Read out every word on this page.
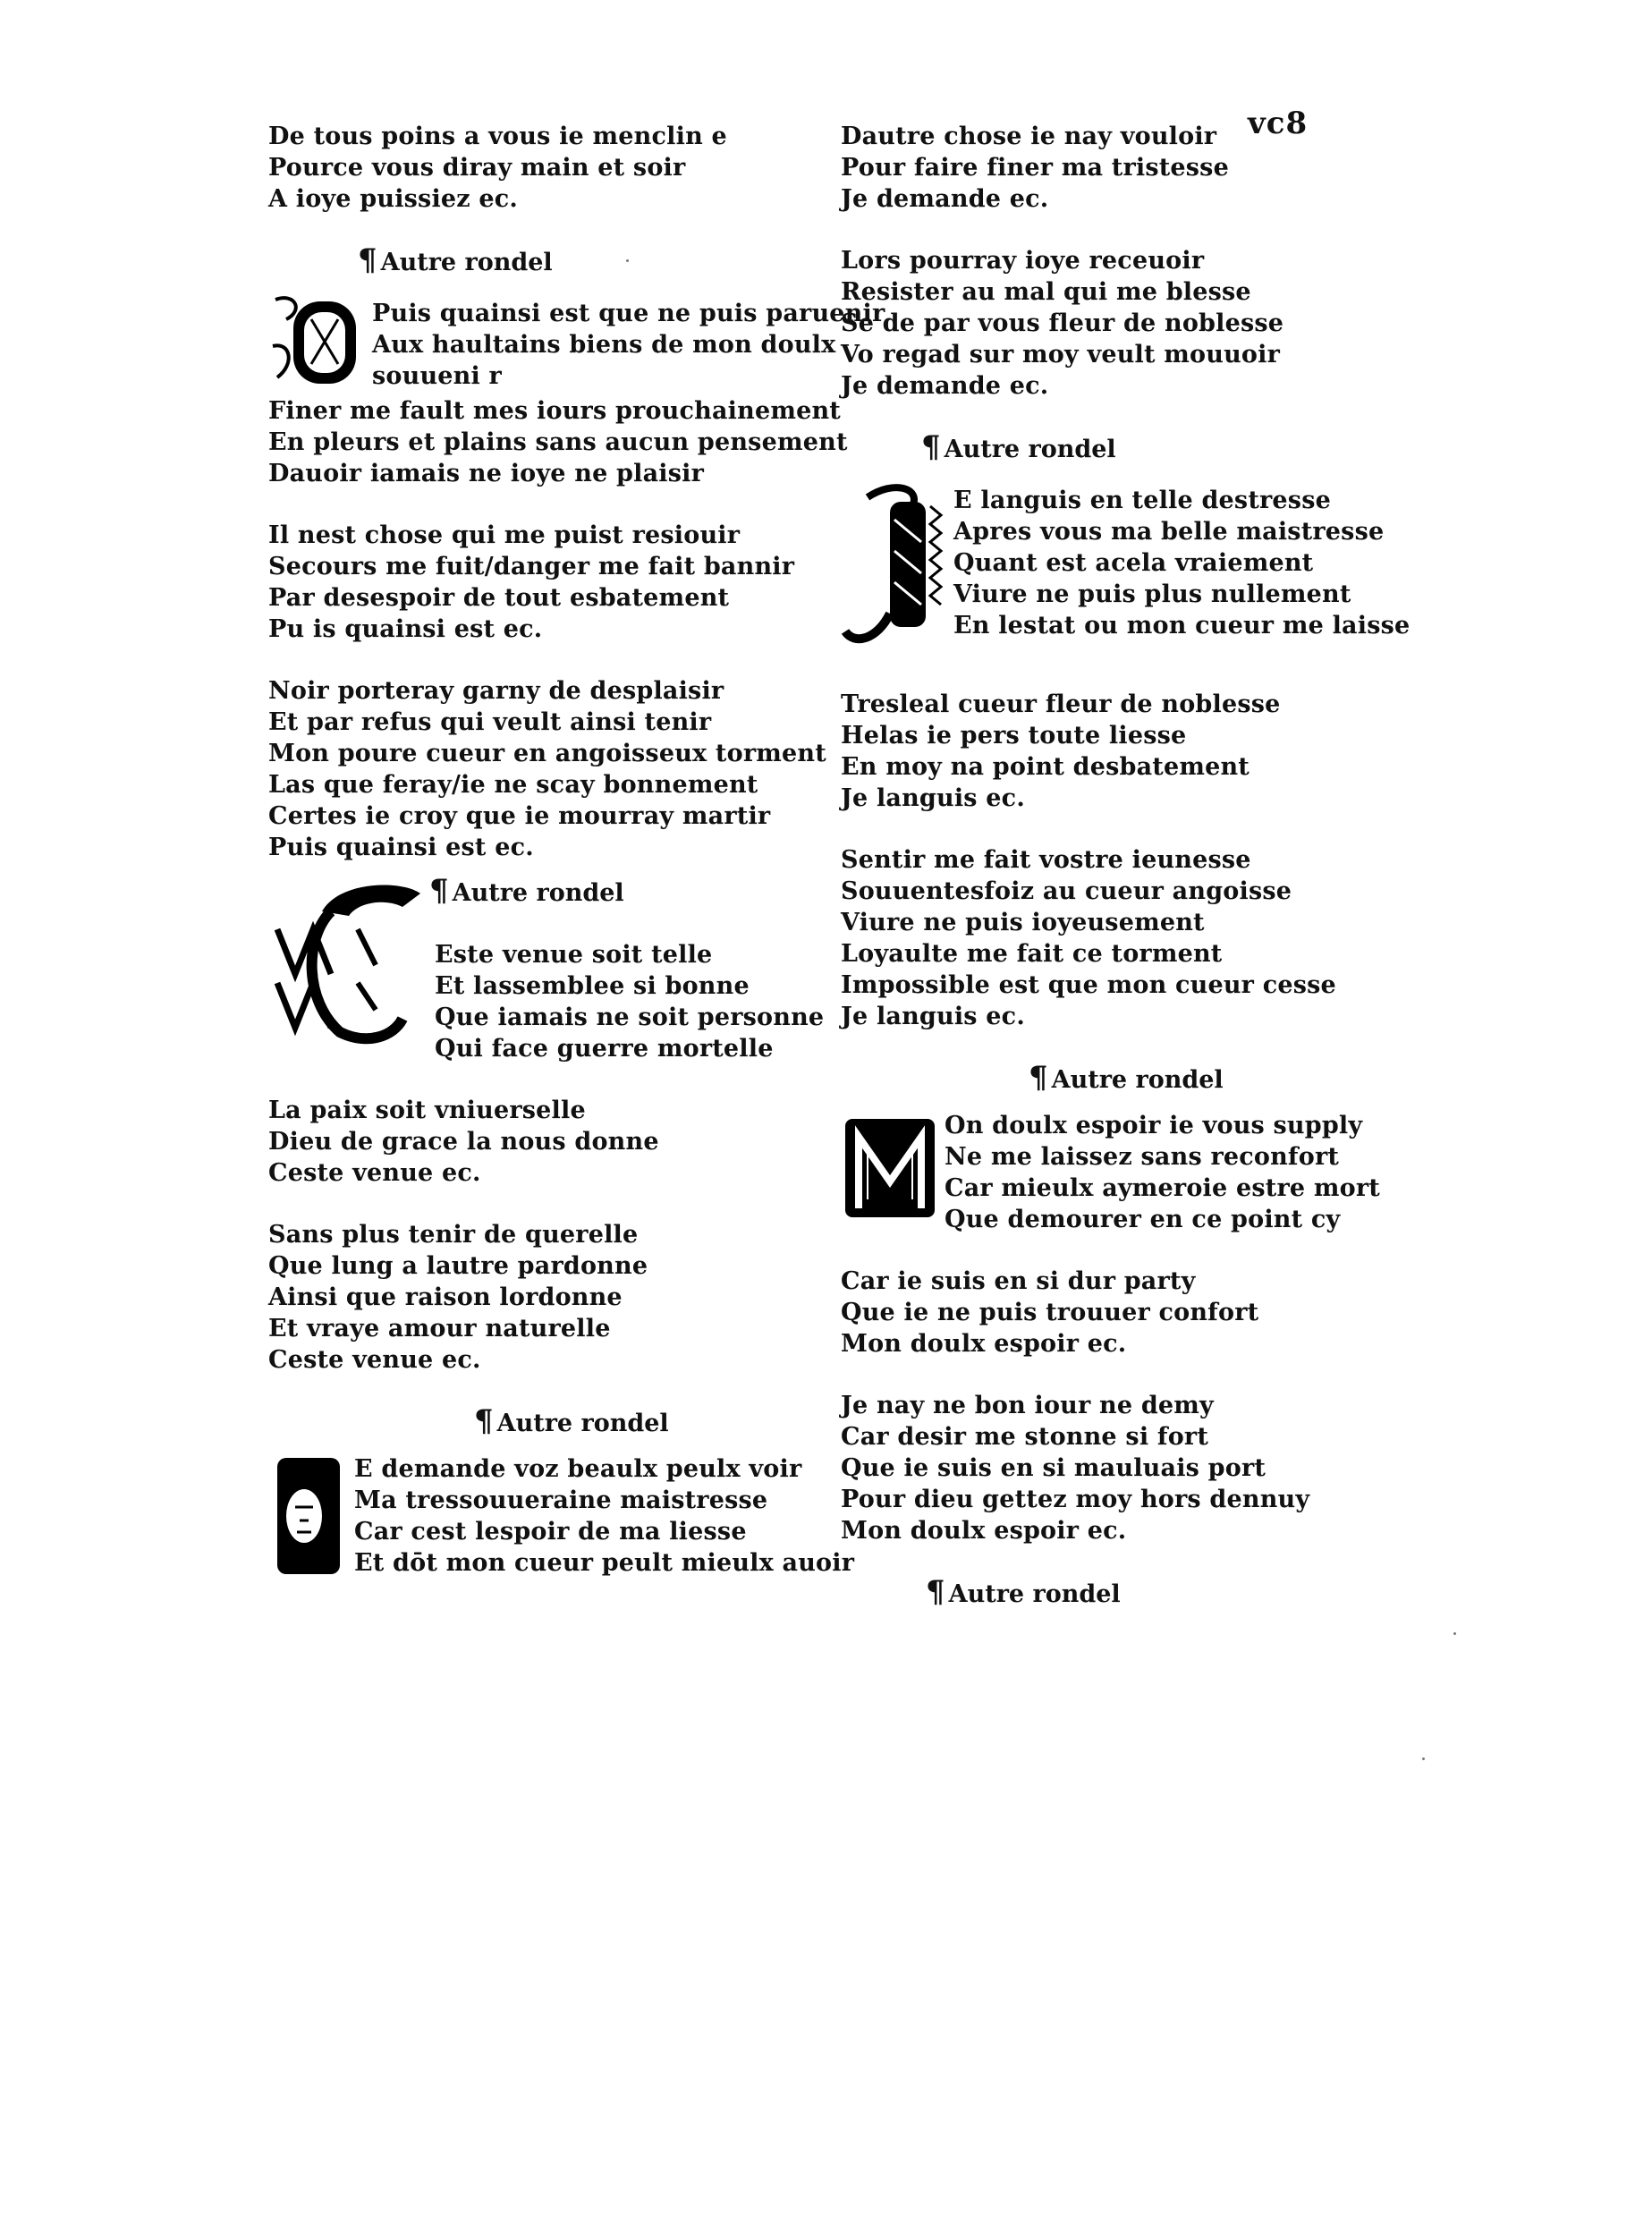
vc8
De tous poins a vous ie menclin e
Pource vous diray main et soir
A ioye puissiez ec.
¶ Autre rondel
Puis quainsi est que ne puis paruenir
Aux haultains biens de mon doulx
souueni r
Finer me fault mes iours prouchainement
En pleurs et plains sans aucun pensement
Dauoir iamais ne ioye ne plaisir
Il nest chose qui me puist resiouir
Secours me fuit/danger me fait bannir
Par desespoir de tout esbatement
Pu is quainsi est ec.
Noir porteray garny de desplaisir
Et par refus qui veult ainsi tenir
Mon poure cueur en angoisseux torment
Las que feray/ie ne scay bonnement
Certes ie croy que ie mourray martir
Puis quainsi est ec.
¶ Autre rondel
Este venue soit telle
Et lassemblee si bonne
Que iamais ne soit personne
Qui face guerre mortelle
La paix soit vniuerselle
Dieu de grace la nous donne
Ceste venue ec.
Sans plus tenir de querelle
Que lung a lautre pardonne
Ainsi que raison lordonne
Et vraye amour naturelle
Ceste venue ec.
¶ Autre rondel
E demande voz beaulx peulx voir
Ma tressouueraine maistresse
Car cest lespoir de ma liesse
Et dōt mon cueur peult mieulx auoir
Dautre chose ie nay vouloir
Pour faire finer ma tristesse
Je demande ec.
Lors pourray ioye receuoir
Resister au mal qui me blesse
Se de par vous fleur de noblesse
Vo regad sur moy veult mouuoir
Je demande ec.
¶ Autre rondel
E languis en telle destresse
Apres vous ma belle maistresse
Quant est acela vraiement
Viure ne puis plus nullement
En lestat ou mon cueur me laisse
Tresleal cueur fleur de noblesse
Helas ie pers toute liesse
En moy na point desbatement
Je languis ec.
Sentir me fait vostre ieunesse
Souuentesfoiz au cueur angoisse
Viure ne puis ioyeusement
Loyaulte me fait ce torment
Impossible est que mon cueur cesse
Je languis ec.
¶ Autre rondel
On doulx espoir ie vous supply
Ne me laissez sans reconfort
Car mieulx aymeroie estre mort
Que demourer en ce point cy
Car ie suis en si dur party
Que ie ne puis trouuer confort
Mon doulx espoir ec.
Je nay ne bon iour ne demy
Car desir me stonne si fort
Que ie suis en si mauluais port
Pour dieu gettez moy hors dennuy
Mon doulx espoir ec.
¶ Autre rondel
